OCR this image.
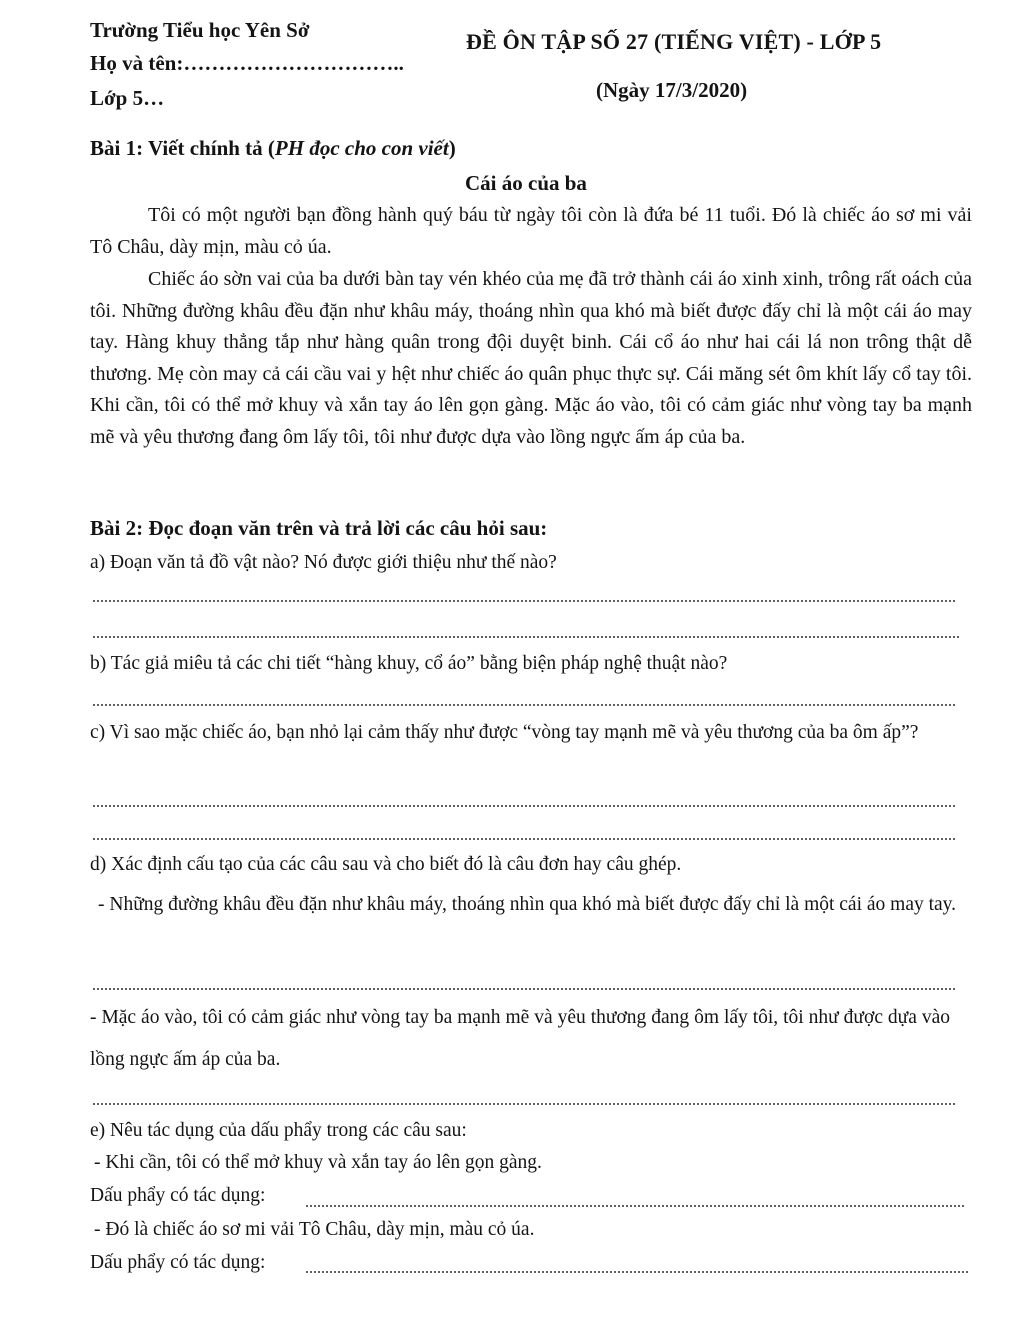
Trường Tiểu học Yên Sở
Họ và tên:…………………………..
Lớp 5…
ĐỀ ÔN TẬP SỐ 27 (TIẾNG VIỆT) - LỚP 5
(Ngày 17/3/2020)
Bài 1: Viết chính tả (PH đọc cho con viết)
Cái áo của ba
Tôi có một người bạn đồng hành quý báu từ ngày tôi còn là đứa bé 11 tuổi. Đó là chiếc áo sơ mi vải Tô Châu, dày mịn, màu cỏ úa.
Chiếc áo sờn vai của ba dưới bàn tay vén khéo của mẹ đã trở thành cái áo xinh xinh, trông rất oách của tôi. Những đường khâu đều đặn như khâu máy, thoáng nhìn qua khó mà biết được đấy chỉ là một cái áo may tay. Hàng khuy thẳng tắp như hàng quân trong đội duyệt binh. Cái cổ áo như hai cái lá non trông thật dễ thương. Mẹ còn may cả cái cầu vai y hệt như chiếc áo quân phục thực sự. Cái măng sét ôm khít lấy cổ tay tôi. Khi cần, tôi có thể mở khuy và xắn tay áo lên gọn gàng. Mặc áo vào, tôi có cảm giác như vòng tay ba mạnh mẽ và yêu thương đang ôm lấy tôi, tôi như được dựa vào lồng ngực ấm áp của ba.
Bài 2: Đọc đoạn văn trên và trả lời các câu hỏi sau:
a) Đoạn văn tả đồ vật nào? Nó được giới thiệu như thế nào?
b) Tác giả miêu tả các chi tiết “hàng khuy, cổ áo” bằng biện pháp nghệ thuật nào?
c) Vì sao mặc chiếc áo, bạn nhỏ lại cảm thấy như được “vòng tay mạnh mẽ và yêu thương của ba ôm ấp”?
d) Xác định cấu tạo của các câu sau và cho biết đó là câu đơn hay câu ghép.
- Những đường khâu đều đặn như khâu máy, thoáng nhìn qua khó mà biết được đấy chỉ là một cái áo may tay.
- Mặc áo vào, tôi có cảm giác như vòng tay ba mạnh mẽ và yêu thương đang ôm lấy tôi, tôi như được dựa vào lồng ngực ấm áp của ba.
e) Nêu tác dụng của dấu phẩy trong các câu sau:
- Khi cần, tôi có thể mở khuy và xắn tay áo lên gọn gàng.
Dấu phẩy có tác dụng:
- Đó là chiếc áo sơ mi vải Tô Châu, dày mịn, màu cỏ úa.
Dấu phẩy có tác dụng:
